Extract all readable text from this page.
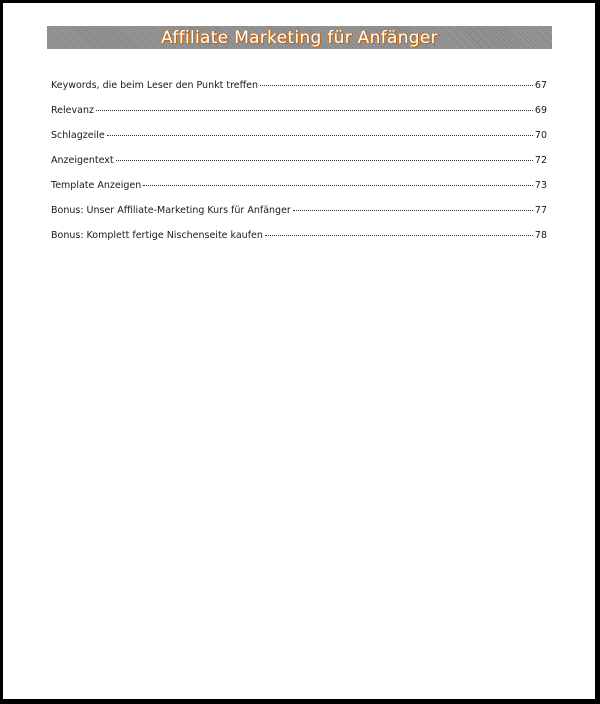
Affiliate Marketing für Anfänger
Keywords, die beim Leser den Punkt treffen	67
Relevanz	69
Schlagzeile	70
Anzeigentext	72
Template Anzeigen	73
Bonus: Unser Affiliate-Marketing Kurs für Anfänger	77
Bonus: Komplett fertige Nischenseite kaufen	78
